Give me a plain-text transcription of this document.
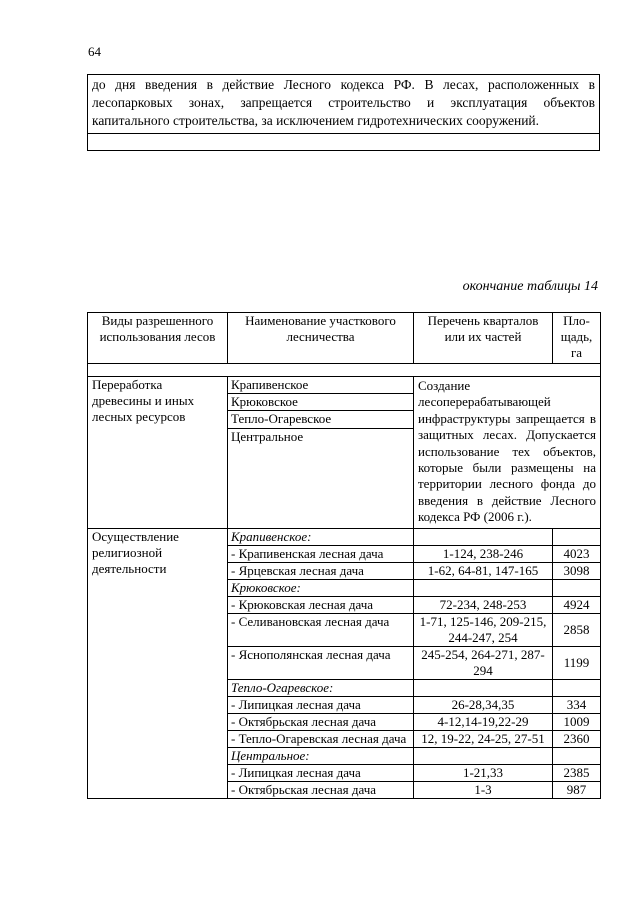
64
до дня введения в действие Лесного кодекса РФ. В лесах, расположенных в лесопарковых зонах, запрещается строительство и эксплуатация объектов капитального строительства, за исключением гидротехнических сооружений.
окончание таблицы 14
Виды разрешенного использования лесов	Наименование участкового лесничества	Перечень кварталов или их частей	Пло-щадь, га

Переработка древесины и иных лесных ресурсов	Крапивенское	Создание лесоперерабатывающей инфраструктуры запрещается в защитных лесах. Допускается использование тех объектов, которые были размещены на территории лесного фонда до введения в действие Лесного кодекса РФ (2006 г.).	
	Крюковское		
	Тепло-Огаревское		
	Центральное		
Осуществление религиозной деятельности	Крапивенское:		
	- Крапивенская лесная дача	1-124, 238-246	4023
	- Ярцевская лесная дача	1-62, 64-81, 147-165	3098
	Крюковское:		
	- Крюковская лесная дача	72-234, 248-253	4924
	- Селивановская лесная дача	1-71, 125-146, 209-215, 244-247, 254	2858
	- Яснополянская лесная дача	245-254, 264-271, 287-294	1199
	Тепло-Огаревское:		
	- Липицкая лесная дача	26-28,34,35	334
	- Октябрьская лесная дача	4-12,14-19,22-29	1009
	- Тепло-Огаревская лесная дача	12, 19-22, 24-25, 27-51	2360
	Центральное:		
	- Липицкая лесная дача	1-21,33	2385
	- Октябрьская лесная дача	1-3	987
